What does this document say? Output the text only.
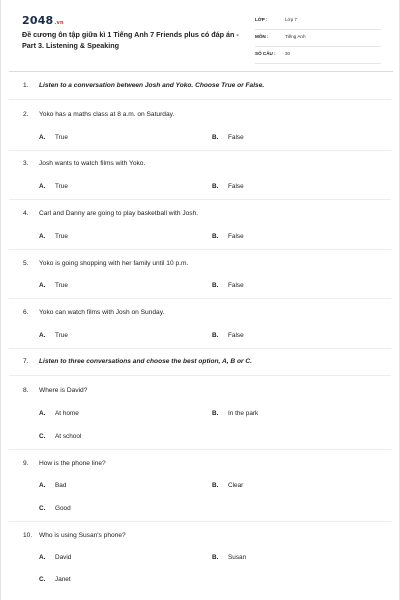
2048.vn
Đề cương ôn tập giữa kì 1 Tiếng Anh 7 Friends plus có đáp án - Part 3. Listening & Speaking
LỚP :	Lớp 7
MÔN :	Tiếng Anh
SỐ CÂU : 30
1. Listen to a conversation between Josh and Yoko. Choose True or False.
2. Yoko has a maths class at 8 a.m. on Saturday.
A. True	B. False
3. Josh wants to watch films with Yoko.
A. True	B. False
4. Carl and Danny are going to play basketball with Josh.
A. True	B. False
5. Yoko is going shopping with her family until 10 p.m.
A. True	B. False
6. Yoko can watch films with Josh on Sunday.
A. True	B. False
7. Listen to three conversations and choose the best option, A, B or C.
8. Where is David?
A. At home	B. In the park
C. At school
9. How is the phone line?
A. Bad	B. Clear
C. Good
10. Who is using Susan's phone?
A. David	B. Susan
C. Janet
